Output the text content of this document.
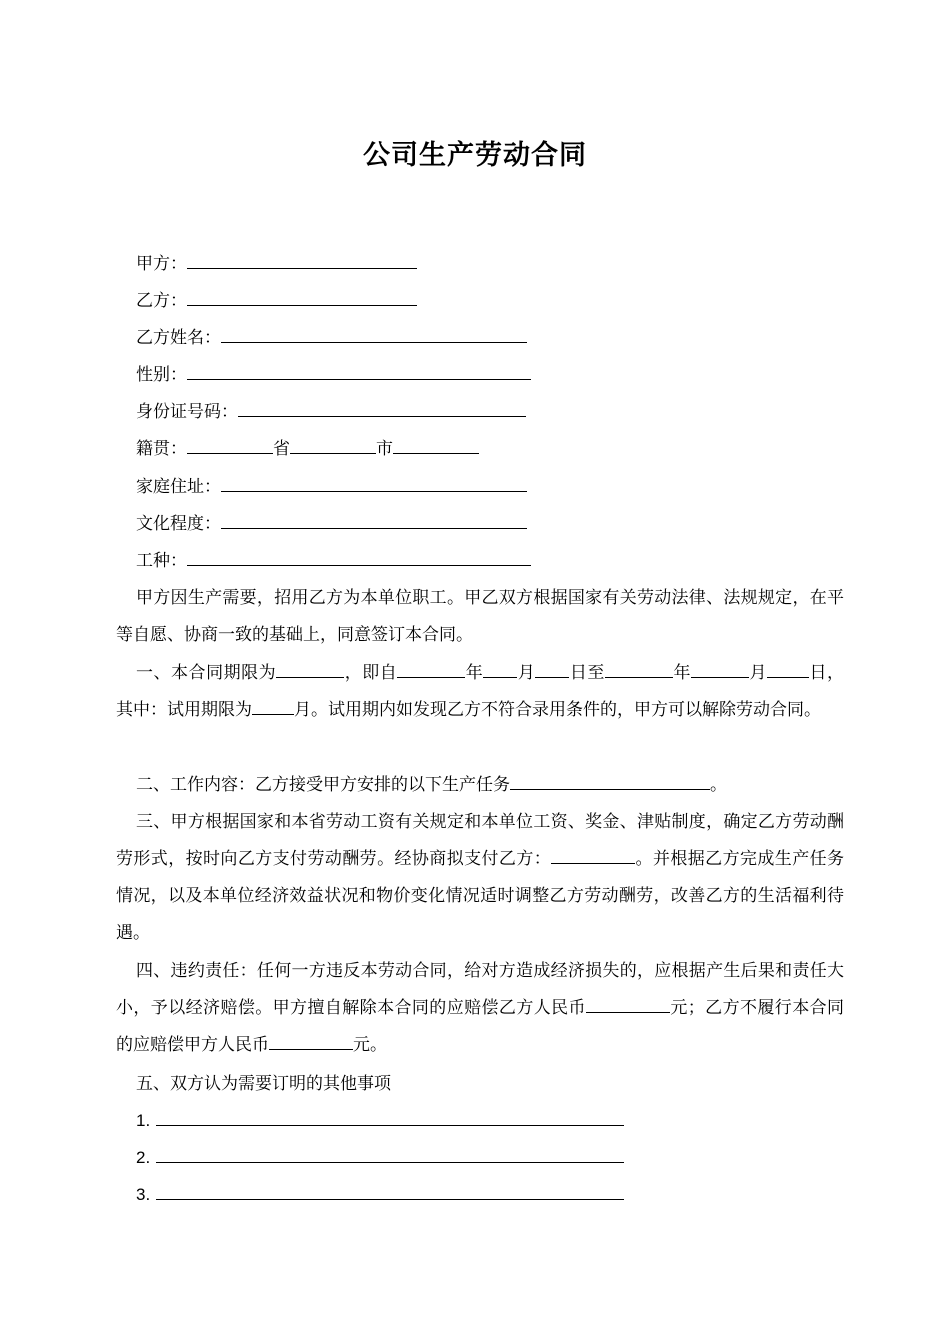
公司生产劳动合同
甲方：
乙方：
乙方姓名：
性别：
身份证号码：
籍贯：	省	市
家庭住址：
文化程度：
工种：

甲方因生产需要，招用乙方为本单位职工。甲乙双方根据国家有关劳动法律、法规规定，在平等自愿、协商一致的基础上，同意签订本合同。

一、本合同期限为	，即自	年 月 日至	年	月 日，其中：试用期限为 月。试用期内如发现乙方不符合录用条件的，甲方可以解除劳动合同。

二、工作内容：乙方接受甲方安排的以下生产任务	。

三、甲方根据国家和本省劳动工资有关规定和本单位工资、奖金、津贴制度，确定乙方劳动酬劳形式，按时向乙方支付劳动酬劳。经协商拟支付乙方：	。并根据乙方完成生产任务情况，以及本单位经济效益状况和物价变化情况适时调整乙方劳动酬劳，改善乙方的生活福利待遇。

四、违约责任：任何一方违反本劳动合同，给对方造成经济损失的，应根据产生后果和责任大小，予以经济赔偿。甲方擅自解除本合同的应赔偿乙方人民币	元；乙方不履行本合同的应赔偿甲方人民币	元。

五、双方认为需要订明的其他事项
1.
2.
3.
